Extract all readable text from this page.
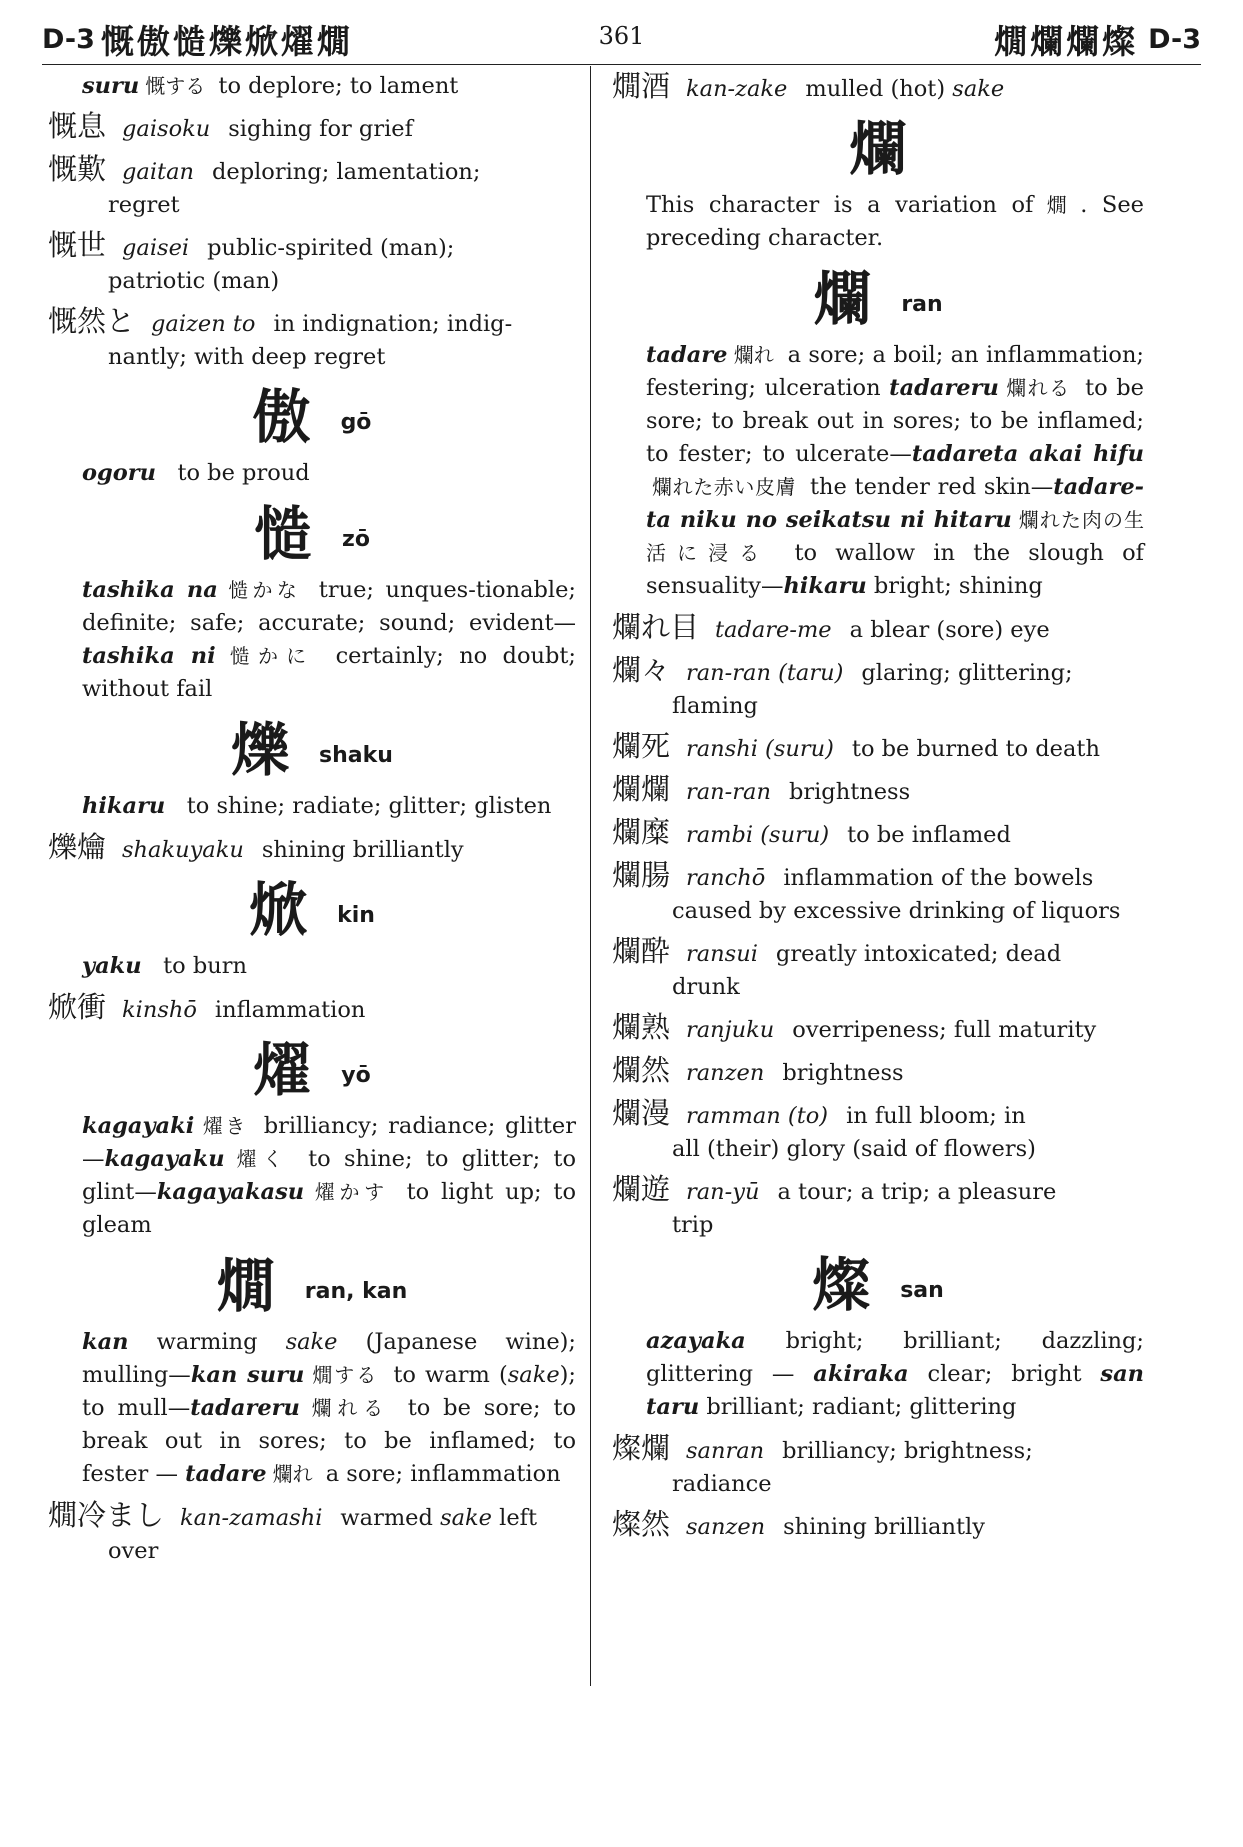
D-3 慨傲慥爍焮燿燗	361	燗爛爛燦 D-3
suru 慨する to deplore; to lament
慨息 gaisoku sighing for grief
慨歎 gaitan deploring; lamentation;
regret
慨世 gaisei public-spirited (man);
patriotic (man)
慨然と gaizen to in indignation; indig-
nantly; with deep regret
傲 gō
ogoru to be proud
慥 zō
tashika na 慥かな true; unques-tionable; definite; safe; accurate; sound; evident—tashika ni 慥かに certainly; no doubt; without fail
爍 shaku
hikaru to shine; radiate; glitter; glisten
爍爚 shakuyaku shining brilliantly
焮 kin
yaku to burn
焮衝 kinshō inflammation
燿 yō
kagayaki 燿き brilliancy; radiance; glitter—kagayaku 燿く to shine; to glitter; to glint—kagayakasu 燿かす to light up; to gleam
燗 ran, kan
kan warming sake (Japanese wine); mulling—kan suru 燗する to warm (sake); to mull—tadareru 爛れる to be sore; to break out in sores; to be inflamed; to fester — tadare 爛れ a sore; inflammation
燗冷まし kan-zamashi warmed sake left
over
燗酒 kan-zake mulled (hot) sake
爛
This character is a variation of 燗 . See preceding character.
爛 ran
tadare 爛れ a sore; a boil; an inflammation; festering; ulceration tadareru 爛れる to be sore; to break out in sores; to be inflamed; to fester; to ulcerate—tadareta akai hifu爛れた赤い皮膚 the tender red skin—tadare-ta niku no seikatsu ni hitaru 爛れた肉の生活に浸る to wallow in the slough of sensuality—hikaru bright; shining
爛れ目 tadare-me a blear (sore) eye
爛々 ran-ran (taru) glaring; glittering;
flaming
爛死 ranshi (suru) to be burned to death
爛爛 ran-ran brightness
爛糜 rambi (suru) to be inflamed
爛腸 ranchō inflammation of the bowels
caused by excessive drinking of liquors
爛酔 ransui greatly intoxicated; dead
drunk
爛熟 ranjuku overripeness; full maturity
爛然 ranzen brightness
爛漫 ramman (to) in full bloom; in
all (their) glory (said of flowers)
爛遊 ran-yū a tour; a trip; a pleasure
trip
燦 san
azayaka bright; brilliant; dazzling; glittering — akiraka clear; bright san taru brilliant; radiant; glittering
燦爛 sanran brilliancy; brightness;
radiance
燦然 sanzen shining brilliantly
